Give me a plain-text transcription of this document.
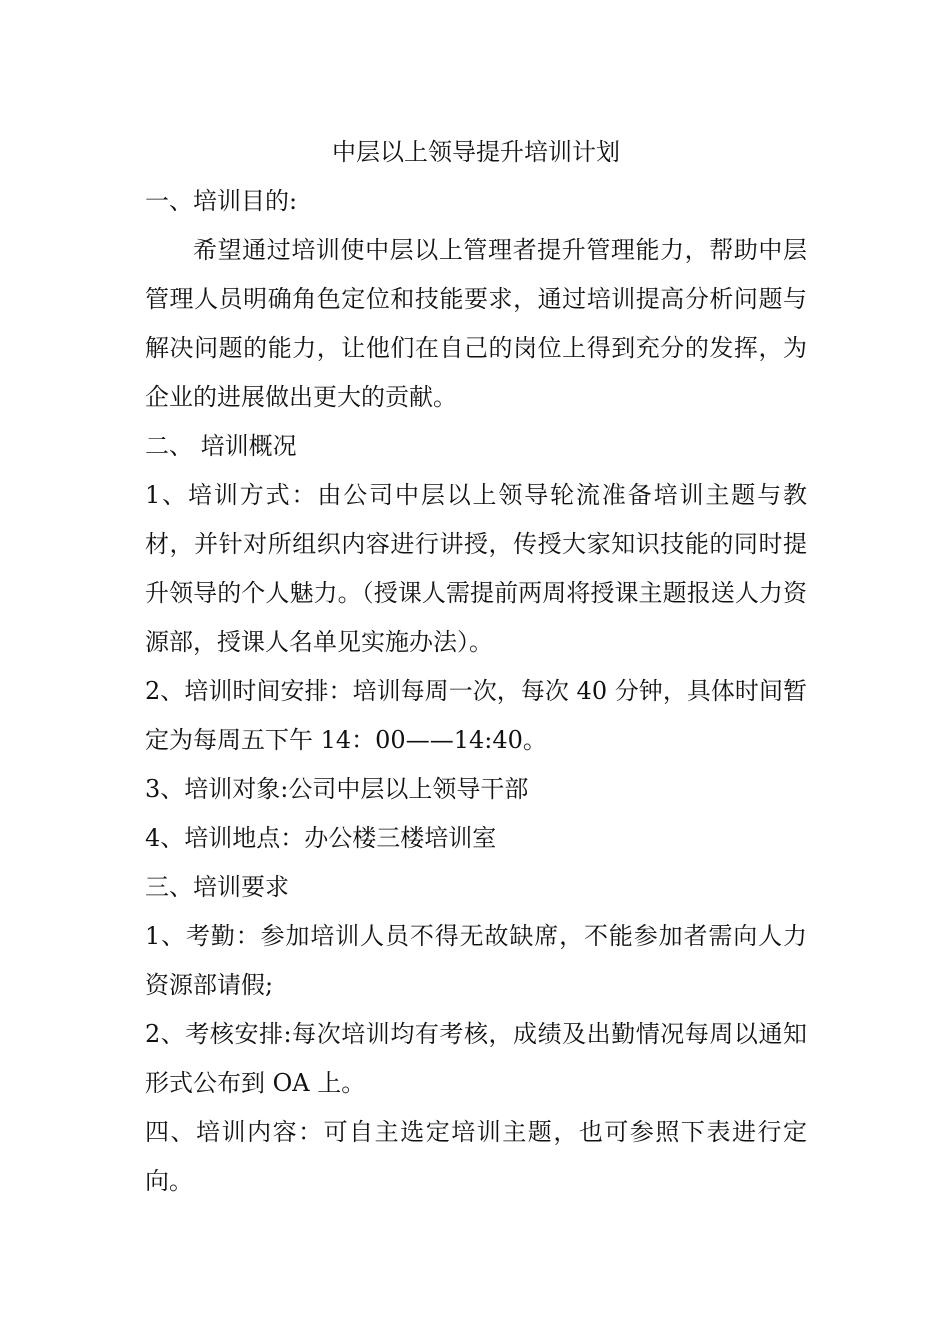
中层以上领导提升培训计划

一、培训目的:

希望通过培训使中层以上管理者提升管理能力，帮助中层管理人员明确角色定位和技能要求，通过培训提高分析问题与解决问题的能力，让他们在自己的岗位上得到充分的发挥，为企业的进展做出更大的贡献。

二、 培训概况

1、培训方式：由公司中层以上领导轮流准备培训主题与教材，并针对所组织内容进行讲授，传授大家知识技能的同时提升领导的个人魅力。（授课人需提前两周将授课主题报送人力资源部，授课人名单见实施办法）。

2、培训时间安排：培训每周一次，每次 40 分钟，具体时间暂定为每周五下午 14：00——14:40。

3、培训对象:公司中层以上领导干部

4、培训地点：办公楼三楼培训室

三、培训要求

1、考勤：参加培训人员不得无故缺席，不能参加者需向人力资源部请假;

2、考核安排:每次培训均有考核，成绩及出勤情况每周以通知形式公布到 OA 上。

四、培训内容：可自主选定培训主题，也可参照下表进行定向。
